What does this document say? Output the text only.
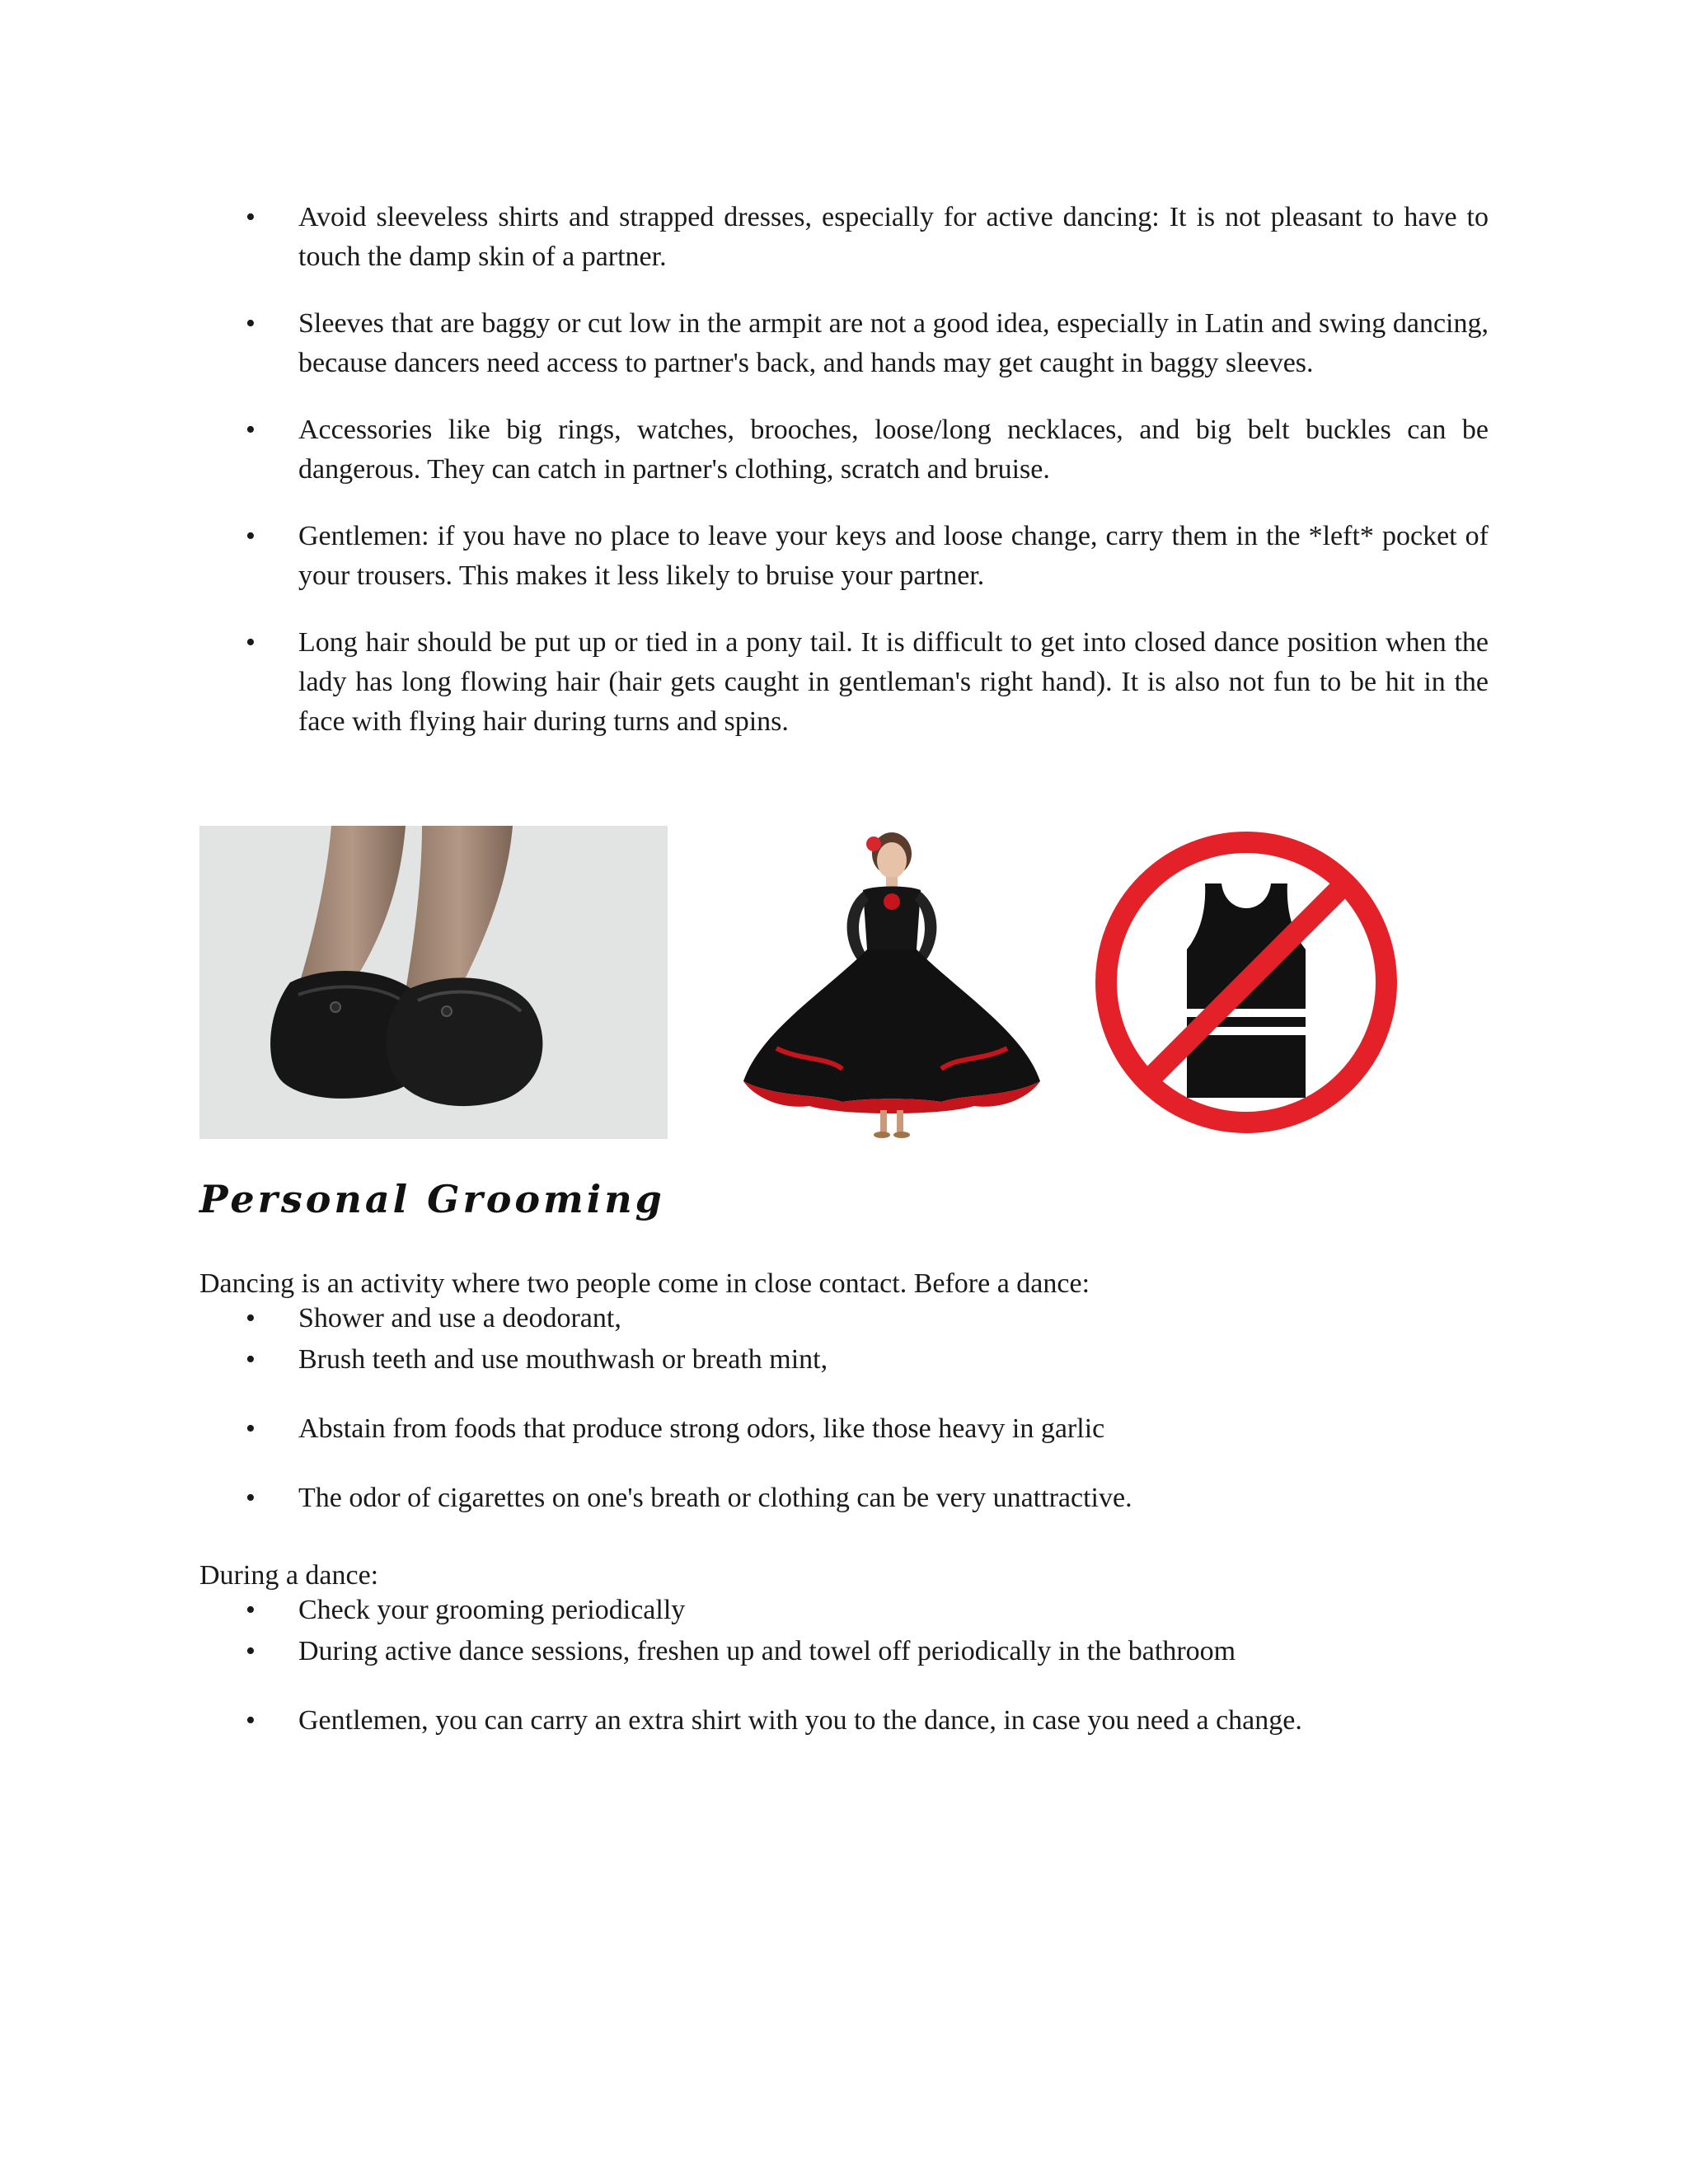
• Avoid sleeveless shirts and strapped dresses, especially for active dancing: It is not pleasant to have to touch the damp skin of a partner.
• Sleeves that are baggy or cut low in the armpit are not a good idea, especially in Latin and swing dancing, because dancers need access to partner's back, and hands may get caught in baggy sleeves.
• Accessories like big rings, watches, brooches, loose/long necklaces, and big belt buckles can be dangerous. They can catch in partner's clothing, scratch and bruise.
• Gentlemen: if you have no place to leave your keys and loose change, carry them in the *left* pocket of your trousers. This makes it less likely to bruise your partner.
• Long hair should be put up or tied in a pony tail. It is difficult to get into closed dance position when the lady has long flowing hair (hair gets caught in gentleman's right hand). It is also not fun to be hit in the face with flying hair during turns and spins.
Personal Grooming
Dancing is an activity where two people come in close contact. Before a dance:
• Shower and use a deodorant,
• Brush teeth and use mouthwash or breath mint,
• Abstain from foods that produce strong odors, like those heavy in garlic
• The odor of cigarettes on one's breath or clothing can be very unattractive.
During a dance:
• Check your grooming periodically
• During active dance sessions, freshen up and towel off periodically in the bathroom
• Gentlemen, you can carry an extra shirt with you to the dance, in case you need a change.
